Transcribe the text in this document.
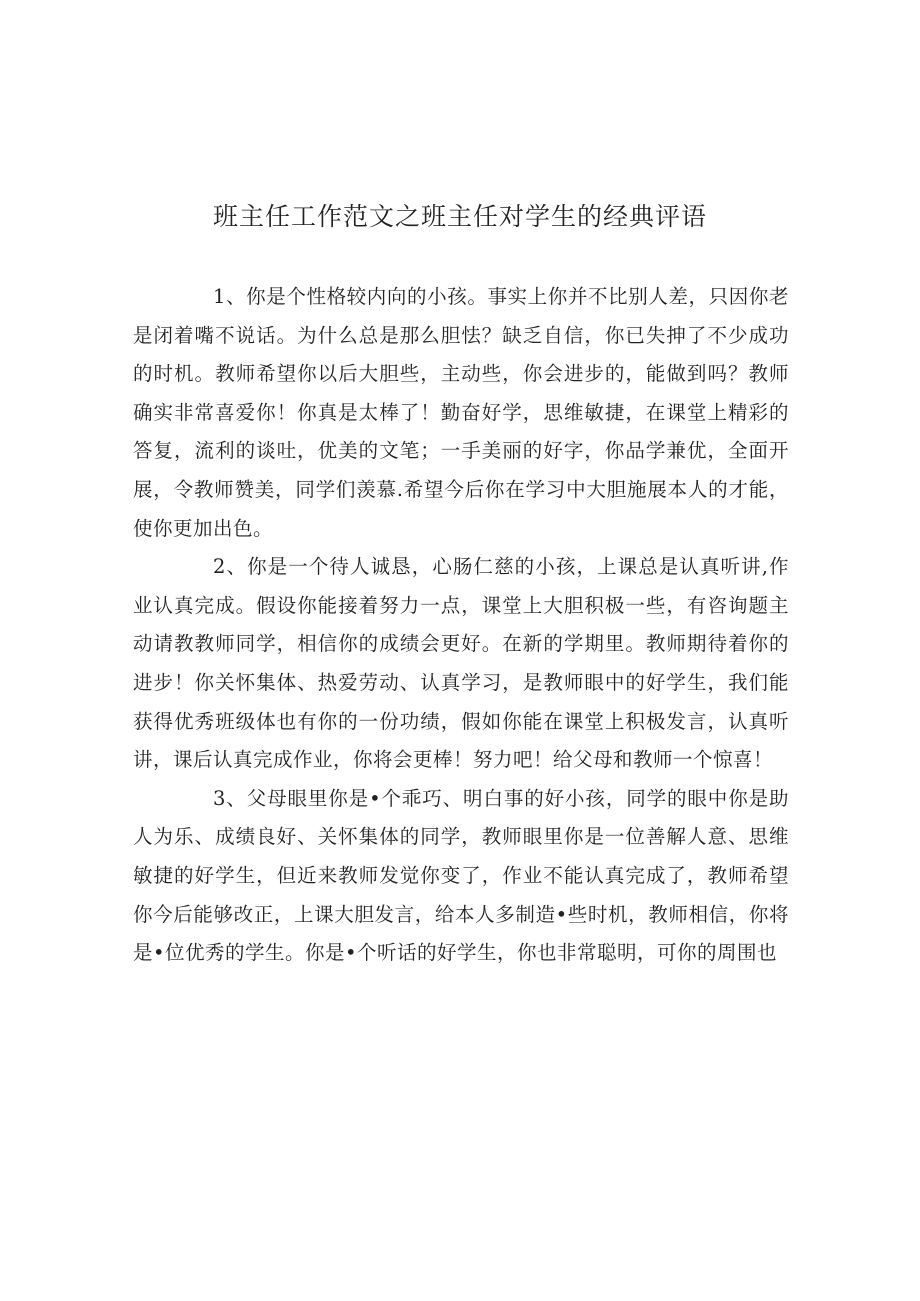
班主任工作范文之班主任对学生的经典评语

1、你是个性格较内向的小孩。事实上你并不比别人差，只因你老是闭着嘴不说话。为什么总是那么胆怯？缺乏自信，你已失抻了不少成功的时机。教师希望你以后大胆些，主动些，你会进步的，能做到吗？教师确实非常喜爱你！你真是太棒了！勤奋好学，思维敏捷，在课堂上精彩的答复，流利的谈吐，优美的文笔；一手美丽的好字，你品学兼优，全面开展，令教师赞美，同学们羡慕.希望今后你在学习中大胆施展本人的才能，使你更加出色。

2、你是一个待人诚恳，心肠仁慈的小孩，上课总是认真听讲,作业认真完成。假设你能接着努力一点，课堂上大胆积极一些，有咨询题主动请教教师同学，相信你的成绩会更好。在新的学期里。教师期待着你的进步！你关怀集体、热爱劳动、认真学习，是教师眼中的好学生，我们能获得优秀班级体也有你的一份功绩，假如你能在课堂上积极发言，认真听讲，课后认真完成作业，你将会更棒！努力吧！给父母和教师一个惊喜！

3、父母眼里你是•个乖巧、明白事的好小孩，同学的眼中你是助人为乐、成绩良好、关怀集体的同学，教师眼里你是一位善解人意、思维敏捷的好学生，但近来教师发觉你变了，作业不能认真完成了，教师希望你今后能够改正，上课大胆发言，给本人多制造•些时机，教师相信，你将是•位优秀的学生。你是•个听话的好学生，你也非常聪明，可你的周围也
